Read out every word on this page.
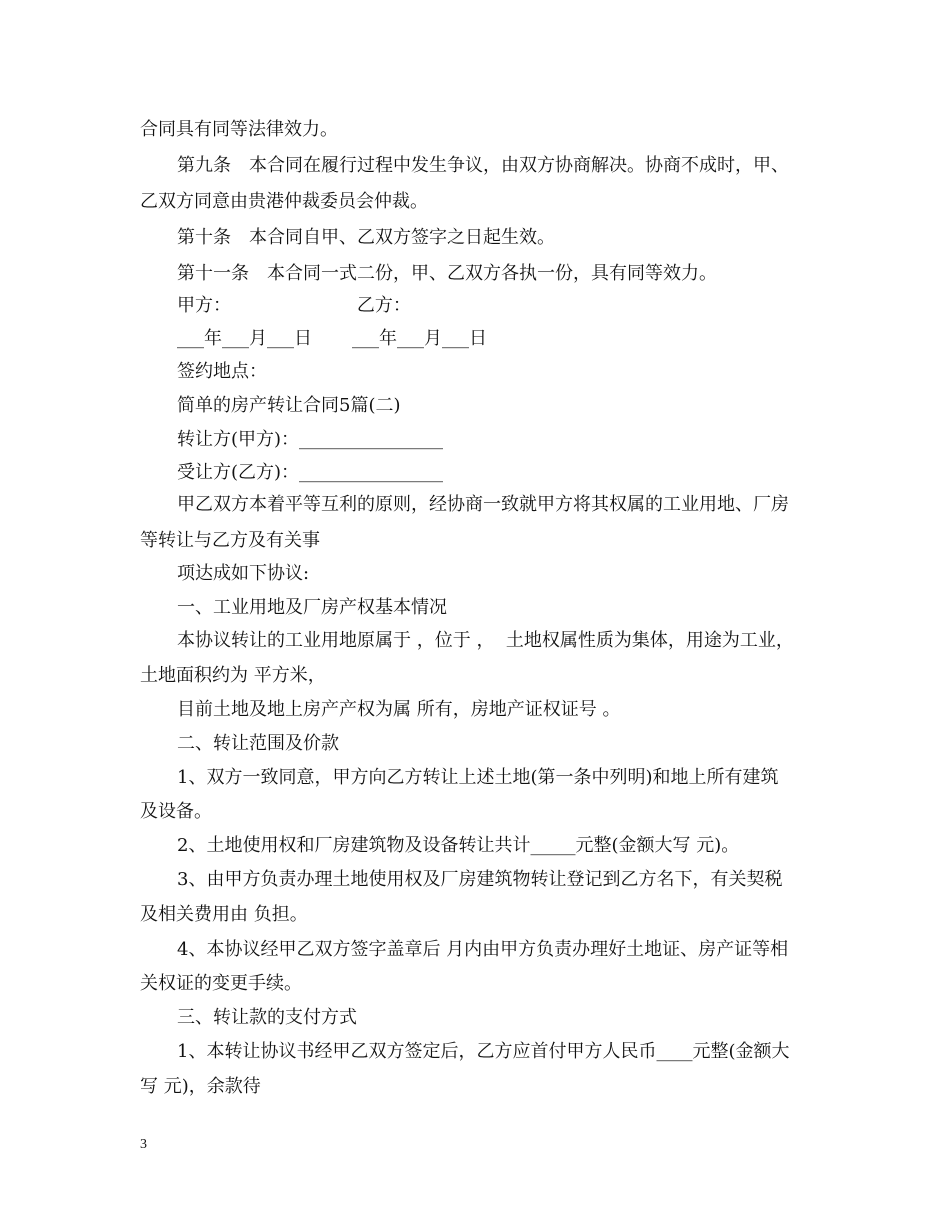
合同具有同等法律效力。
第九条　本合同在履行过程中发生争议，由双方协商解决。协商不成时，甲、
乙双方同意由贵港仲裁委员会仲裁。
第十条　本合同自甲、乙双方签字之日起生效。
第十一条　本合同一式二份，甲、乙双方各执一份，具有同等效力。
甲方：                      乙方：
___年___月___日       ___年___月___日
签约地点：
简单的房产转让合同5篇(二)
转让方(甲方)：________________
受让方(乙方)：________________
甲乙双方本着平等互利的原则，经协商一致就甲方将其权属的工业用地、厂房
等转让与乙方及有关事
项达成如下协议:
一、工业用地及厂房产权基本情况
本协议转让的工业用地原属于 ，位于 ，  土地权属性质为集体，用途为工业，
土地面积约为 平方米，
目前土地及地上房产产权为属 所有，房地产证权证号 。
二、转让范围及价款
1、双方一致同意，甲方向乙方转让上述土地(第一条中列明)和地上所有建筑
及设备。
2、土地使用权和厂房建筑物及设备转让共计_____元整(金额大写 元)。
3、由甲方负责办理土地使用权及厂房建筑物转让登记到乙方名下，有关契税
及相关费用由 负担。
4、本协议经甲乙双方签字盖章后 月内由甲方负责办理好土地证、房产证等相
关权证的变更手续。
三、转让款的支付方式
1、本转让协议书经甲乙双方签定后，乙方应首付甲方人民币____元整(金额大
写 元)，余款待
3
